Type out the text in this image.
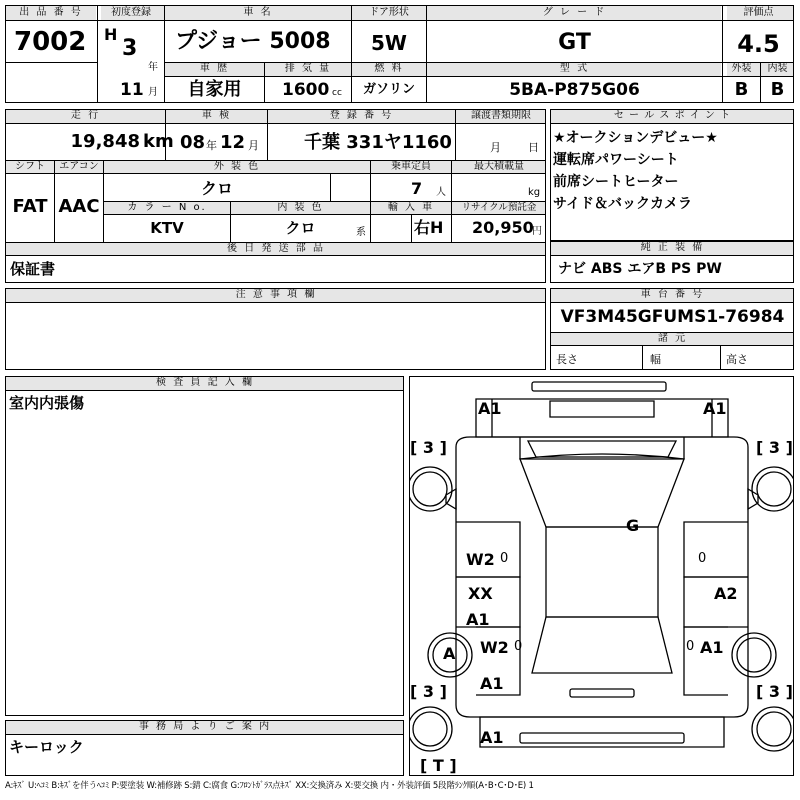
出 品 番 号
7002
初度登録
H
3
年
11 月
車 名
プジョー 5008
ドア形状
5W
グ レ ー ド
GT
評価点
4.5
車 歴
自家用
排 気 量
1600 cc
燃 料
ガソリン
型 式
5BA-P875G06
外装	内装
B	B
走 行
19,848 km
車 検
08 年 12 月
登 録 番 号
千葉 331ヤ1160
譲渡書類期限
月 日
シフト	エアコン
FAT AAC
外 装 色
クロ
乗車定員
7 人
最大積載量
kg
カ ラ ー N o.
KTV
内 装 色
クロ	系
輸 入 車
右H
リサイクル預託金
20,950
円
後 日 発 送 部 品
保証書
セ ー ル ス ポ イ ン ト
★オークションデビュー★
運転席パワーシート
前席シートヒーター
サイド＆バックカメラ
純 正 装 備
ナビ ABS エアB PS PW
注 意 事 項 欄	車 台 番 号
VF3M45GFUMS1-76984
諸 元
長さ	幅	高さ
検 査 員 記 入 欄
室内内張傷
事 務 局 よ り ご 案 内
キーロック
A:ｷｽﾞ U:ﾍｺﾐ B:ｷｽﾞを伴うﾍｺﾐ P:要塗装 W:補修跡 S:錆 C:腐食 G:ﾌﾛﾝﾄｶﾞﾗｽ点ｷｽﾞ XX:交換済み X:要交換 内・外装評価 5段階ﾗﾝｸ順(A･B･C･D･E) 1
A1	A1
[ 3 ]	[ 3 ]
G
W2 0	0
XX
A1
A2
A W2 0	0 A1
A1
[ 3 ]	[ 3 ]
A1
[ T ]
